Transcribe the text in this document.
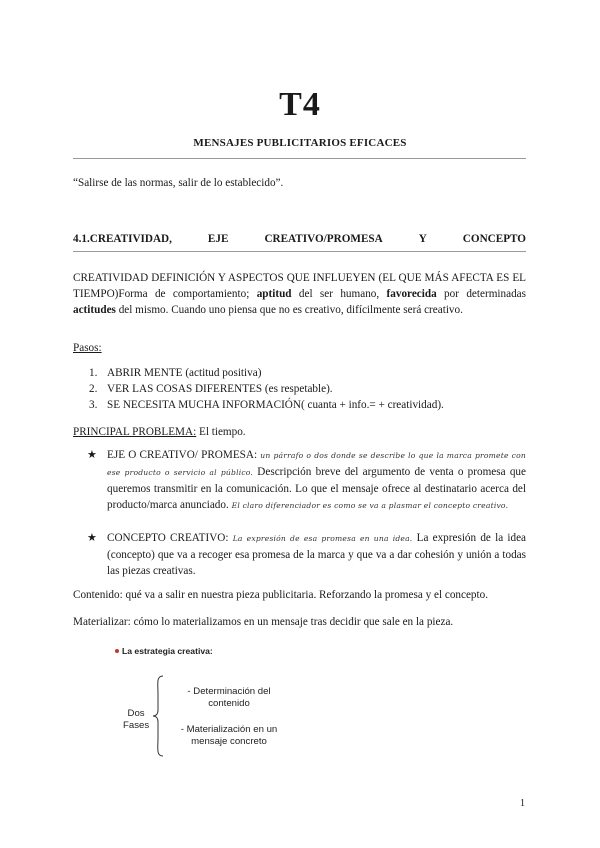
T4
MENSAJES PUBLICITARIOS EFICACES
“Salirse de las normas, salir de lo establecido”.
4.1.CREATIVIDAD,	EJE	CREATIVO/PROMESA	Y	CONCEPTO
CREATIVIDAD DEFINICIÓN Y ASPECTOS QUE INFLUEYEN (EL QUE MÁS AFECTA ES EL TIEMPO)Forma de comportamiento; aptitud del ser humano, favorecida por determinadas actitudes del mismo. Cuando uno piensa que no es creativo, difícilmente será creativo.
Pasos:
1. ABRIR MENTE (actitud positiva)
2. VER LAS COSAS DIFERENTES (es respetable).
3. SE NECESITA MUCHA INFORMACIÓN( cuanta + info.= + creatividad).
PRINCIPAL PROBLEMA: El tiempo.
★ EJE O CREATIVO/ PROMESA: un párrafo o dos donde se describe lo que la marca promete con ese producto o servicio al público. Descripción breve del argumento de venta o promesa que queremos transmitir en la comunicación. Lo que el mensaje ofrece al destinatario acerca del producto/marca anunciado. El claro diferenciador es como se va a plasmar el concepto creativo.
★ CONCEPTO CREATIVO: La expresión de esa promesa en una idea. La expresión de la idea (concepto) que va a recoger esa promesa de la marca y que va a dar cohesión y unión a todas las piezas creativas.
Contenido: qué va a salir en nuestra pieza publicitaria. Reforzando la promesa y el concepto.
Materializar: cómo lo materializamos en un mensaje tras decidir que sale en la pieza.
La estrategia creativa:
Dos
Fases
- Determinación del
contenido
- Materialización en un
mensaje concreto
1
